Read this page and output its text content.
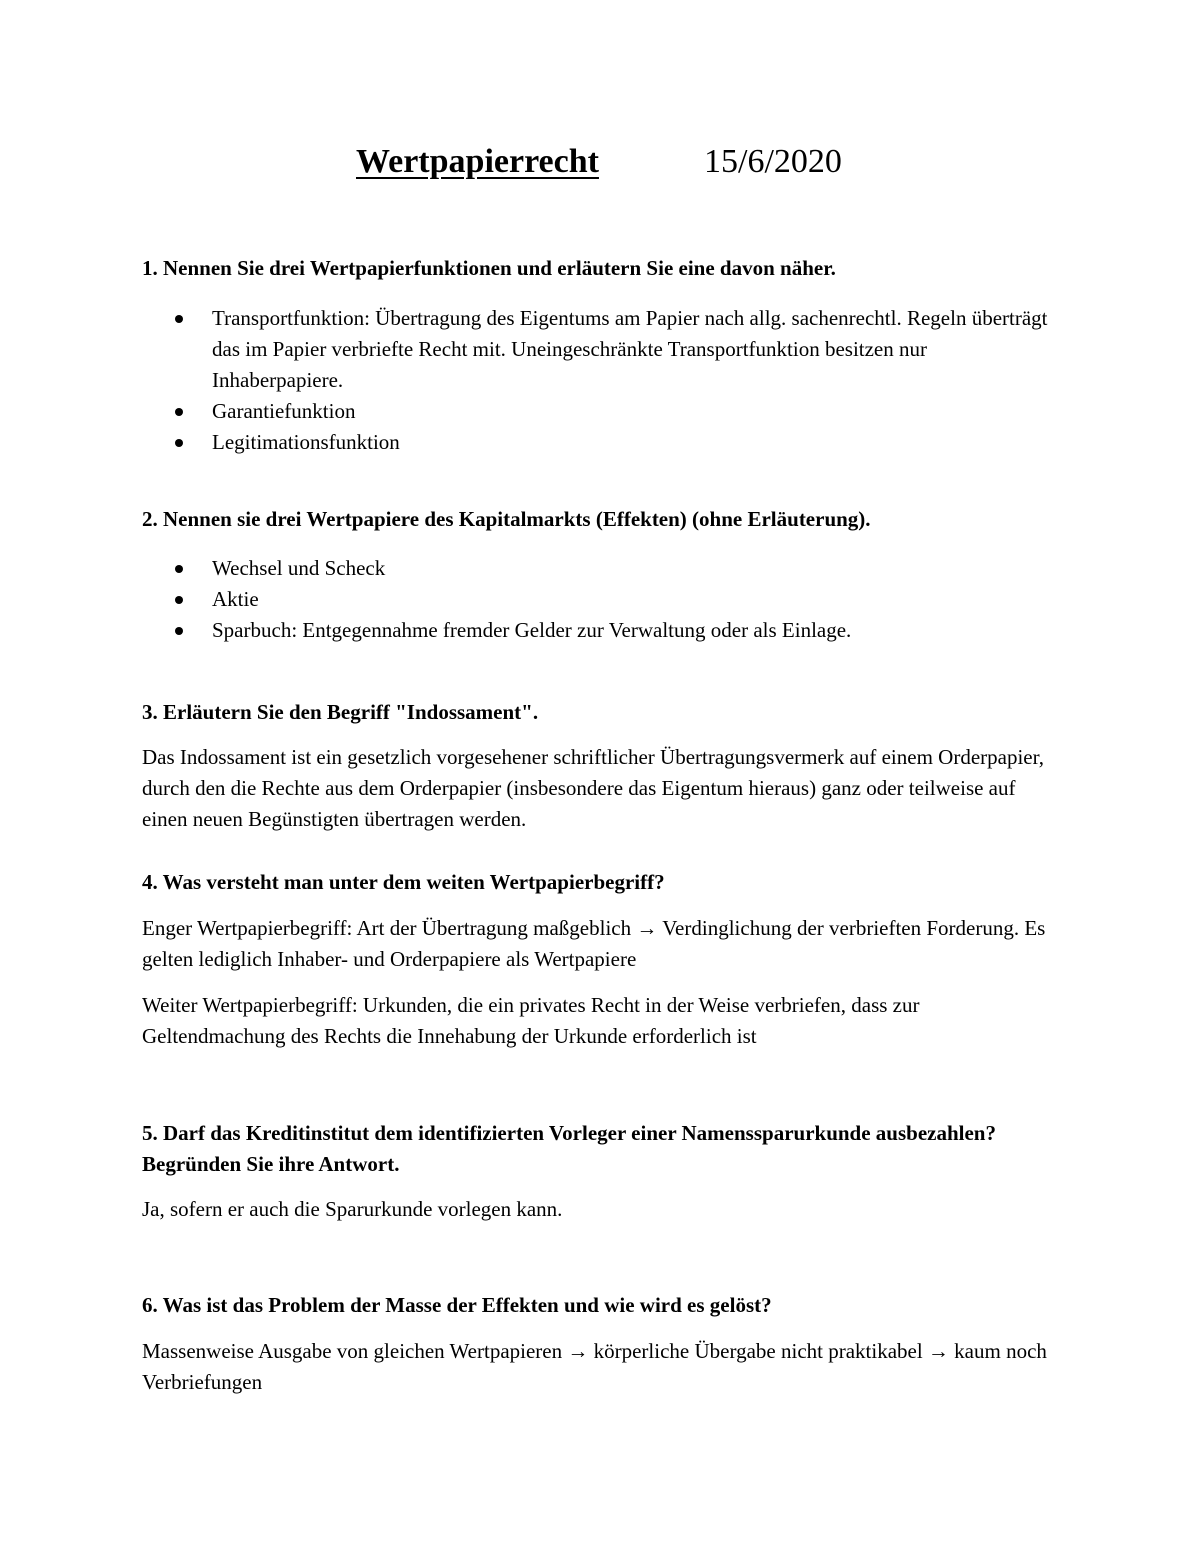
Wertpapierrecht	15/6/2020

1. Nennen Sie drei Wertpapierfunktionen und erläutern Sie eine davon näher.

Transportfunktion: Übertragung des Eigentums am Papier nach allg. sachenrechtl. Regeln überträgt das im Papier verbriefte Recht mit. Uneingeschränkte Transportfunktion besitzen nur Inhaberpapiere.
Garantiefunktion
Legitimationsfunktion

2. Nennen sie drei Wertpapiere des Kapitalmarkts (Effekten) (ohne Erläuterung).

Wechsel und Scheck
Aktie
Sparbuch: Entgegennahme fremder Gelder zur Verwaltung oder als Einlage.

3. Erläutern Sie den Begriff "Indossament".

Das Indossament ist ein gesetzlich vorgesehener schriftlicher Übertragungsvermerk auf einem Orderpapier, durch den die Rechte aus dem Orderpapier (insbesondere das Eigentum hieraus) ganz oder teilweise auf einen neuen Begünstigten übertragen werden.

4. Was versteht man unter dem weiten Wertpapierbegriff?

Enger Wertpapierbegriff: Art der Übertragung maßgeblich → Verdinglichung der verbrieften Forderung. Es gelten lediglich Inhaber- und Orderpapiere als Wertpapiere

Weiter Wertpapierbegriff: Urkunden, die ein privates Recht in der Weise verbriefen, dass zur Geltendmachung des Rechts die Innehabung der Urkunde erforderlich ist

5. Darf das Kreditinstitut dem identifizierten Vorleger einer Namenssparurkunde ausbezahlen? Begründen Sie ihre Antwort.

Ja, sofern er auch die Sparurkunde vorlegen kann.

6. Was ist das Problem der Masse der Effekten und wie wird es gelöst?

Massenweise Ausgabe von gleichen Wertpapieren → körperliche Übergabe nicht praktikabel → kaum noch Verbriefungen
